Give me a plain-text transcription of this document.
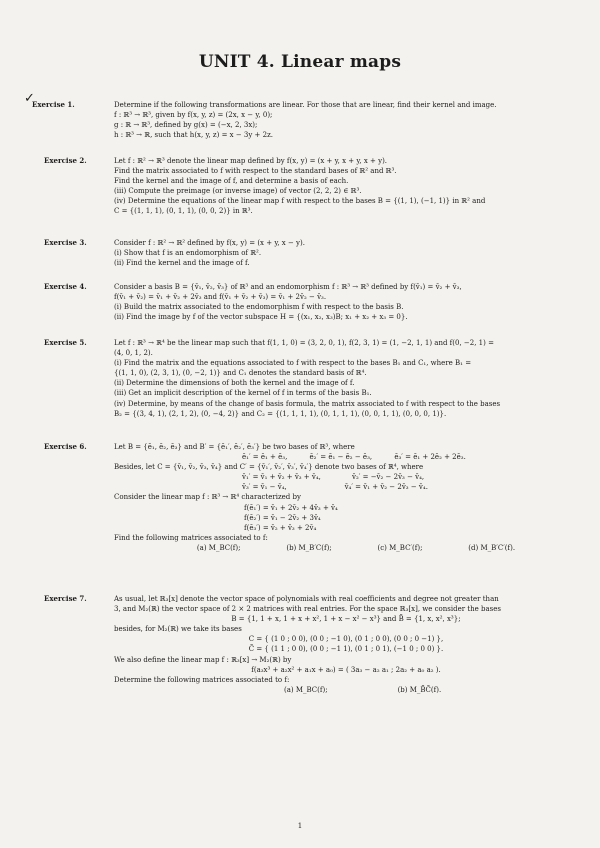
UNIT 4. Linear maps
✓
Exercise 1.	Determine if the following transformations are linear. For those that are linear, find their kernel and image.

f : ℝ³ → ℝ³, given by f(x, y, z) = (2x, x − y, 0);

g : ℝ → ℝ³, defined by g(x) = (−x, 2, 3x);

h : ℝ³ → ℝ, such that h(x, y, z) = x − 3y + 2z.

Exercise 2.	Let f : ℝ² → ℝ³ denote the linear map defined by f(x, y) = (x + y, x + y, x + y).

Find the matrix associated to f with respect to the standard bases of ℝ² and ℝ³.

Find the kernel and the image of f, and determine a basis of each.

(iii) Compute the preimage (or inverse image) of vector (2, 2, 2) ∈ ℝ³.

(iv) Determine the equations of the linear map f with respect to the bases B = {(1, 1), (−1, 1)} in ℝ² and

C = {(1, 1, 1), (0, 1, 1), (0, 0, 2)} in ℝ³.

Exercise 3.	Consider f : ℝ² → ℝ² defined by f(x, y) = (x + y, x − y).

(i) Show that f is an endomorphism of ℝ².

(ii) Find the kernel and the image of f.

Exercise 4.	Consider a basis B = {v̄₁, v̄₂, v̄₃} of ℝ³ and an endomorphism f : ℝ³ → ℝ³ defined by f(v̄₁) = v̄₂ + v̄₃,

f(v̄₁ + v̄₂) = v̄₁ + v̄₂ + 2v̄₃ and f(v̄₁ + v̄₂ + v̄₃) = v̄₁ + 2v̄₂ − v̄₃.

(i) Build the matrix associated to the endomorphism f with respect to the basis B.

(ii) Find the image by f of the vector subspace H = {(x₁, x₂, x₃)B; x₁ + x₂ + x₃ = 0}.

Exercise 5.	Let f : ℝ³ → ℝ⁴ be the linear map such that f(1, 1, 0) = (3, 2, 0, 1), f(2, 3, 1) = (1, −2, 1, 1) and f(0, −2, 1) =

(4, 0, 1, 2).

(i) Find the matrix and the equations associated to f with respect to the bases B₁ and C₁, where B₁ =

{(1, 1, 0), (2, 3, 1), (0, −2, 1)} and C₁ denotes the standard basis of ℝ⁴.

(ii) Determine the dimensions of both the kernel and the image of f.

(iii) Get an implicit description of the kernel of f in terms of the basis B₁.

(iv) Determine, by means of the change of basis formula, the matrix associated to f with respect to the bases

B₂ = {(3, 4, 1), (2, 1, 2), (0, −4, 2)} and C₂ = {(1, 1, 1, 1), (0, 1, 1, 1), (0, 0, 1, 1), (0, 0, 0, 1)}.

Exercise 6.	Let B = {ē₁, ē₂, ē₃} and B′ = {ē₁′, ē₂′, ē₃′} be two bases of ℝ³, where

ē₁′ = ē₁ + ē₃,          ē₂′ = ē₁ − ē₂ − ē₃,          ē₃′ = ē₁ + 2ē₂ + 2ē₃.

Besides, let C = {v̄₁, v̄₂, v̄₃, v̄₄} and C′ = {v̄₁′, v̄₂′, v̄₃′, v̄₄′} denote two bases of ℝ⁴, where

v̄₁′ = v̄₁ + v̄₂ + v̄₃ + v̄₄,              v̄₂′ = −v̄₂ − 2v̄₃ − v̄₄,

v̄₃′ = v̄₁ − v̄₄,                          v̄₄′ = v̄₁ + v̄₂ − 2v̄₃ − v̄₄.

Consider the linear map f : ℝ³ → ℝ⁴ characterized by

f(ē₁′) = v̄₁ + 2v̄₂ + 4v̄₃ + v̄₄

f(ē₂′) = v̄₁ − 2v̄₂ + 3v̄₄

f(ē₃′) = v̄₂ + v̄₃ + 2v̄₄

Find the following matrices associated to f:

(a) M_BC(f);	(b) M_B′C(f);	(c) M_BC′(f);	(d) M_B′C′(f).
Exercise 7.	As usual, let ℝ₃[x] denote the vector space of polynomials with real coefficients and degree not greater than

3, and M₂(ℝ) the vector space of 2 × 2 matrices with real entries. For the space ℝ₃[x], we consider the bases

B = {1, 1 + x, 1 + x + x², 1 + x − x² − x³} and B̃ = {1, x, x², x³};

besides, for M₂(ℝ) we take its bases

C = { (1 0 ; 0 0), (0 0 ; −1 0), (0 1 ; 0 0), (0 0 ; 0 −1) },

C̃ = { (1 1 ; 0 0), (0 0 ; −1 1), (0 1 ; 0 1), (−1 0 ; 0 0) }.

We also define the linear map f : ℝ₃[x] → M₂(ℝ) by

f(a₃x³ + a₂x² + a₁x + a₀) = ( 3a₃ − a₂ a₁ ; 2a₂ + a₀ a₂ ).

Determine the following matrices associated to f:

(a) M_BC(f);	(b) M_B̃C̃(f).
1
